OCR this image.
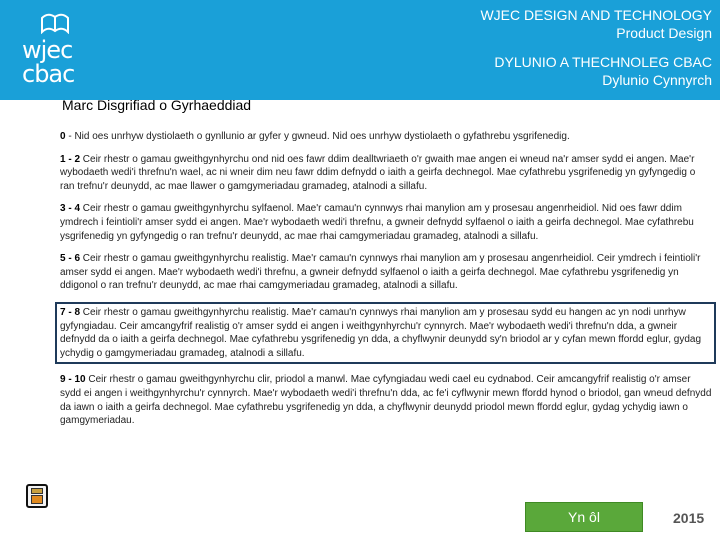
wjec
cbac
WJEC DESIGN AND TECHNOLOGY
Product Design
DYLUNIO A THECHNOLEG CBAC
Dylunio Cynnyrch
Marc Disgrifiad o Gyrhaeddiad

0 - Nid oes unrhyw dystiolaeth o gynllunio ar gyfer y gwneud. Nid oes unrhyw dystiolaeth o gyfathrebu ysgrifenedig.

1 - 2 Ceir rhestr o gamau gweithgynhyrchu ond nid oes fawr ddim dealltwriaeth o'r gwaith mae angen ei wneud na'r amser sydd ei angen. Mae'r wybodaeth wedi'i threfnu'n wael, ac ni wneir dim neu fawr ddim defnydd o iaith a geirfa dechnegol. Mae cyfathrebu ysgrifenedig yn gyfyngedig o ran trefnu'r deunydd, ac mae llawer o gamgymeriadau gramadeg, atalnodi a sillafu.

3 - 4 Ceir rhestr o gamau gweithgynhyrchu sylfaenol. Mae'r camau'n cynnwys rhai manylion am y prosesau angenrheidiol. Nid oes fawr ddim ymdrech i feintioli'r amser sydd ei angen. Mae'r wybodaeth wedi'i threfnu, a gwneir defnydd sylfaenol o iaith a geirfa dechnegol. Mae cyfathrebu ysgrifenedig yn gyfyngedig o ran trefnu'r deunydd, ac mae rhai camgymeriadau gramadeg, atalnodi a sillafu.

5 - 6 Ceir rhestr o gamau gweithgynhyrchu realistig. Mae'r camau'n cynnwys rhai manylion am y prosesau angenrheidiol. Ceir ymdrech i feintioli'r amser sydd ei angen. Mae'r wybodaeth wedi'i threfnu, a gwneir defnydd sylfaenol o iaith a geirfa dechnegol. Mae cyfathrebu ysgrifenedig yn ddigonol o ran trefnu'r deunydd, ac mae rhai camgymeriadau gramadeg, atalnodi a sillafu.

7 - 8 Ceir rhestr o gamau gweithgynhyrchu realistig. Mae'r camau'n cynnwys rhai manylion am y prosesau sydd eu hangen ac yn nodi unrhyw gyfyngiadau. Ceir amcangyfrif realistig o'r amser sydd ei angen i weithgynhyrchu'r cynnyrch. Mae'r wybodaeth wedi'i threfnu'n dda, a gwneir defnydd da o iaith a geirfa dechnegol. Mae cyfathrebu ysgrifenedig yn dda, a chyflwynir deunydd sy'n briodol ar y cyfan mewn ffordd eglur, gydag ychydig o gamgymeriadau gramadeg, atalnodi a sillafu.

9 - 10 Ceir rhestr o gamau gweithgynhyrchu clir, priodol a manwl. Mae cyfyngiadau wedi cael eu cydnabod. Ceir amcangyfrif realistig o'r amser sydd ei angen i weithgynhyrchu'r cynnyrch. Mae'r wybodaeth wedi'i threfnu'n dda, ac fe'i cyflwynir mewn ffordd hynod o briodol, gan wneud defnydd da iawn o iaith a geirfa dechnegol. Mae cyfathrebu ysgrifenedig yn dda, a chyflwynir deunydd priodol mewn ffordd eglur, gydag ychydig iawn o gamgymeriadau.

Yn ôl	2015
